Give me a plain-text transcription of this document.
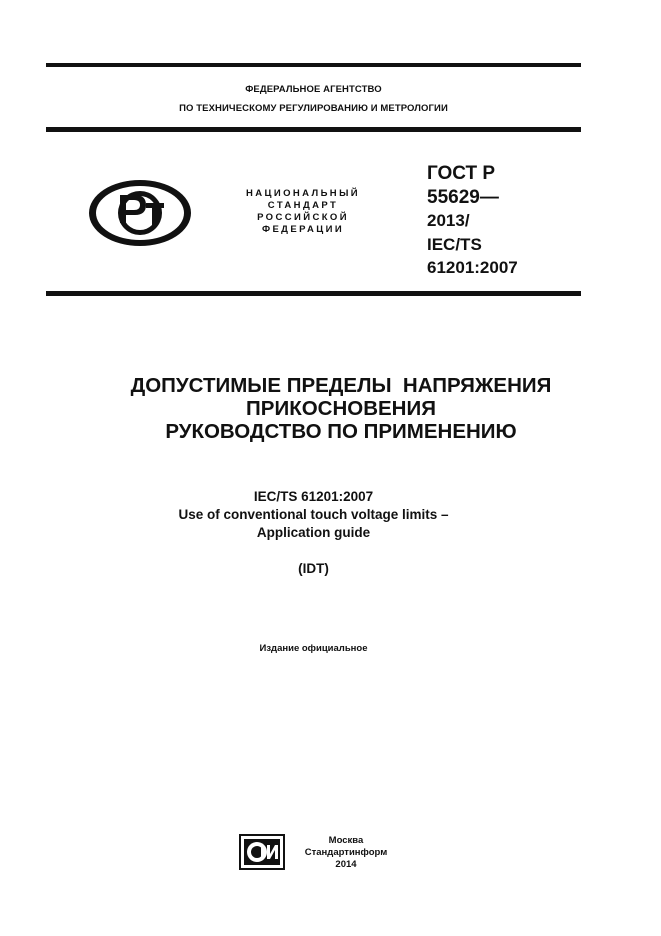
ФЕДЕРАЛЬНОЕ АГЕНТСТВО
ПО ТЕХНИЧЕСКОМУ РЕГУЛИРОВАНИЮ И МЕТРОЛОГИИ
НАЦИОНАЛЬНЫЙ
СТАНДАРТ
РОССИЙСКОЙ
ФЕДЕРАЦИИ
ГОСТ Р
55629—
2013/
IEC/TS
61201:2007
ДОПУСТИМЫЕ ПРЕДЕЛЫ  НАПРЯЖЕНИЯ
ПРИКОСНОВЕНИЯ
РУКОВОДСТВО ПО ПРИМЕНЕНИЮ
IEC/TS 61201:2007
Use of conventional touch voltage limits –
Application guide
(IDT)
Издание официальное
Москва
Стандартинформ
2014
